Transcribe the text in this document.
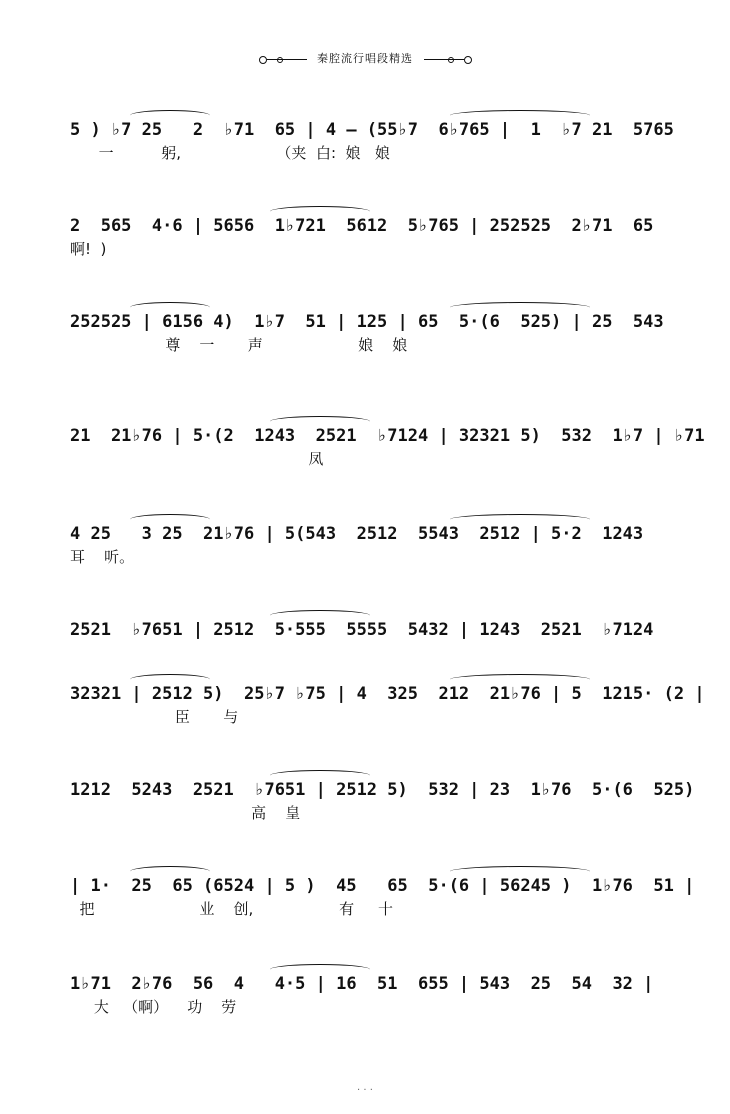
秦腔流行唱段精选
5 ) ♭7 25   2  ♭71  65 | 4 — (55♭7  6♭765 |  1  ♭7 21  5765
一          躬,                    （夹  白:  娘   娘
2  565  4·6 | 5656  1♭721  5612  5♭765 | 252525  2♭71  65
啊!  )
252525 | 6156 4)  1♭7  51 | 125 | 65  5·(6  525) | 25  543
尊    一       声                    娘    娘
21  21♭76 | 5·(2  1243  2521  ♭7124 | 32321 5)  532  1♭7 | ♭71
凤
4 25   3 25  21♭76 | 5(543  2512  5543  2512 | 5·2  1243
耳    听。
2521  ♭7651 | 2512  5·555  5555  5432 | 1243  2521  ♭7124
32321 | 2512 5)  25♭7 ♭75 | 4  325  212  21♭76 | 5  1215· (2 |
臣       与
1212  5243  2521  ♭7651 | 2512 5)  532 | 23  1♭76  5·(6  525)
高    皇
| 1·  25  65 (6524 | 5 )  45   65  5·(6 | 56245 )  1♭76  51 |
把                      业    创,                  有     十
1♭71  2♭76  56  4   4·5 | 16  51  655 | 543  25  54  32 |
大   （啊）    功    劳
· · ·
